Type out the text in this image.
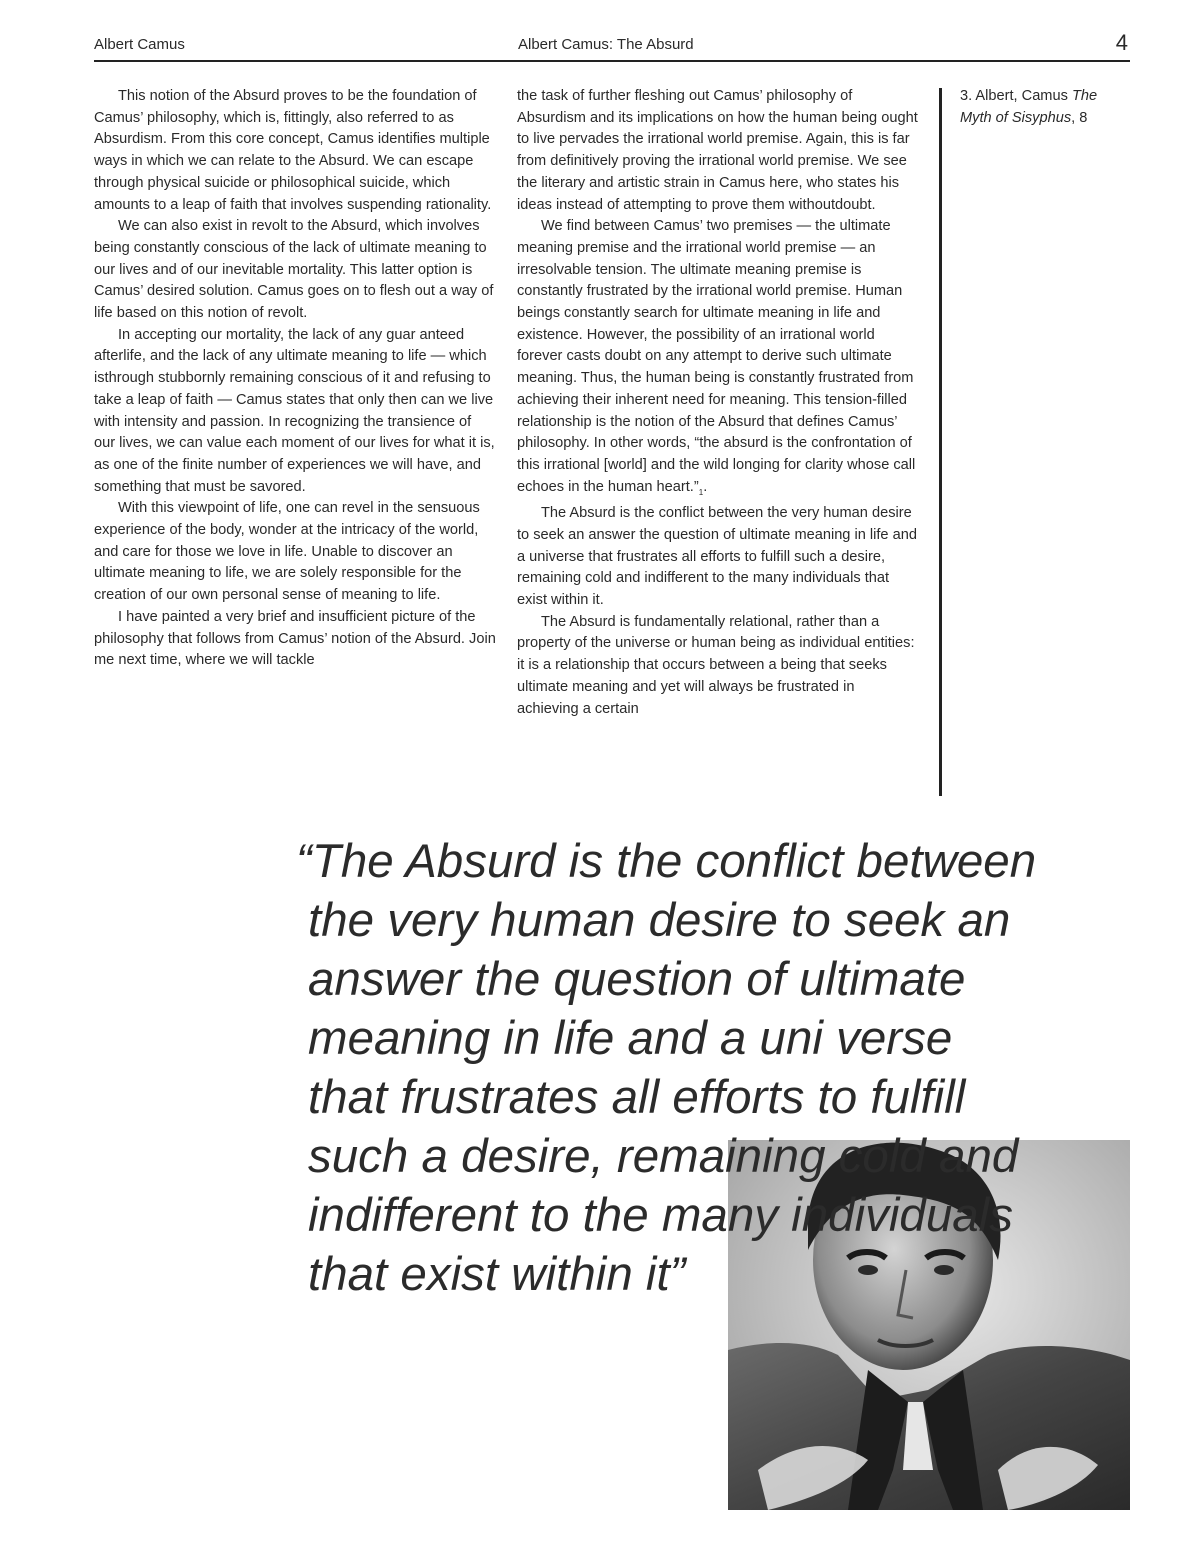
Albert Camus	Albert Camus: The Absurd	4

This notion of the Absurd proves to be the foundation of Camus’ philosophy, which is, fittingly, also referred to as Absurdism. From this core concept, Camus identifies multiple ways in which we can relate to the Absurd. We can escape through physical suicide or philosophical suicide, which amounts to a leap of faith that involves suspending rationality.

We can also exist in revolt to the Absurd, which involves being constantly conscious of the lack of ultimate meaning to our lives and of our inevitable mortality. This latter option is Camus’ desired solution. Camus goes on to flesh out a way of life based on this notion of revolt.

In accepting our mortality, the lack of any guar anteed afterlife, and the lack of any ultimate meaning to life — which isthrough stubbornly remaining conscious of it and refusing to take a leap of faith — Camus states that only then can we live with intensity and passion. In recognizing the transience of our lives, we can value each moment of our lives for what it is, as one of the finite number of experiences we will have, and something that must be savored.

With this viewpoint of life, one can revel in the sensuous experience of the body, wonder at the intricacy of the world, and care for those we love in life. Unable to discover an ultimate meaning to life, we are solely responsible for the creation of our own personal sense of meaning to life.

I have painted a very brief and insufficient picture of the philosophy that follows from Camus’ notion of the Absurd. Join me next time, where we will tackle

the task of further fleshing out Camus’ philosophy of Absurdism and its implications on how the human being ought to live pervades the irrational world premise. Again, this is far from definitively proving the irrational world premise. We see the literary and artistic strain in Camus here, who states his ideas instead of attempting to prove them withoutdoubt.

We find between Camus’ two premises — the ultimate meaning premise and the irrational world premise — an irresolvable tension. The ultimate meaning premise is constantly frustrated by the irrational world premise. Human beings constantly search for ultimate meaning in life and existence. However, the possibility of an irrational world forever casts doubt on any attempt to derive such ultimate meaning. Thus, the human being is constantly frustrated from achieving their inherent need for meaning. This tension-filled relationship is the notion of the Absurd that defines Camus’ philosophy. In other words, “the absurd is the confrontation of this irrational [world] and the wild longing for clarity whose call echoes in the human $heart.”_1$.

The Absurd is the conflict between the very human desire to seek an answer the question of ultimate meaning in life and a universe that frustrates all efforts to fulfill such a desire, remaining cold and indifferent to the many individuals that exist within it.

The Absurd is fundamentally relational, rather than a property of the universe or human being as individual entities: it is a relationship that occurs between a being that seeks ultimate meaning and yet will always be frustrated in achieving a certain

3. Albert, Camus The Myth of Sisyphus, 8
“The Absurd is the conflict between
the very human desire to seek an
answer the question of ultimate
meaning in life and a uni verse
that frustrates all efforts to fulfill
such a desire, remaining cold and
indifferent to the many individuals
that exist within it”
